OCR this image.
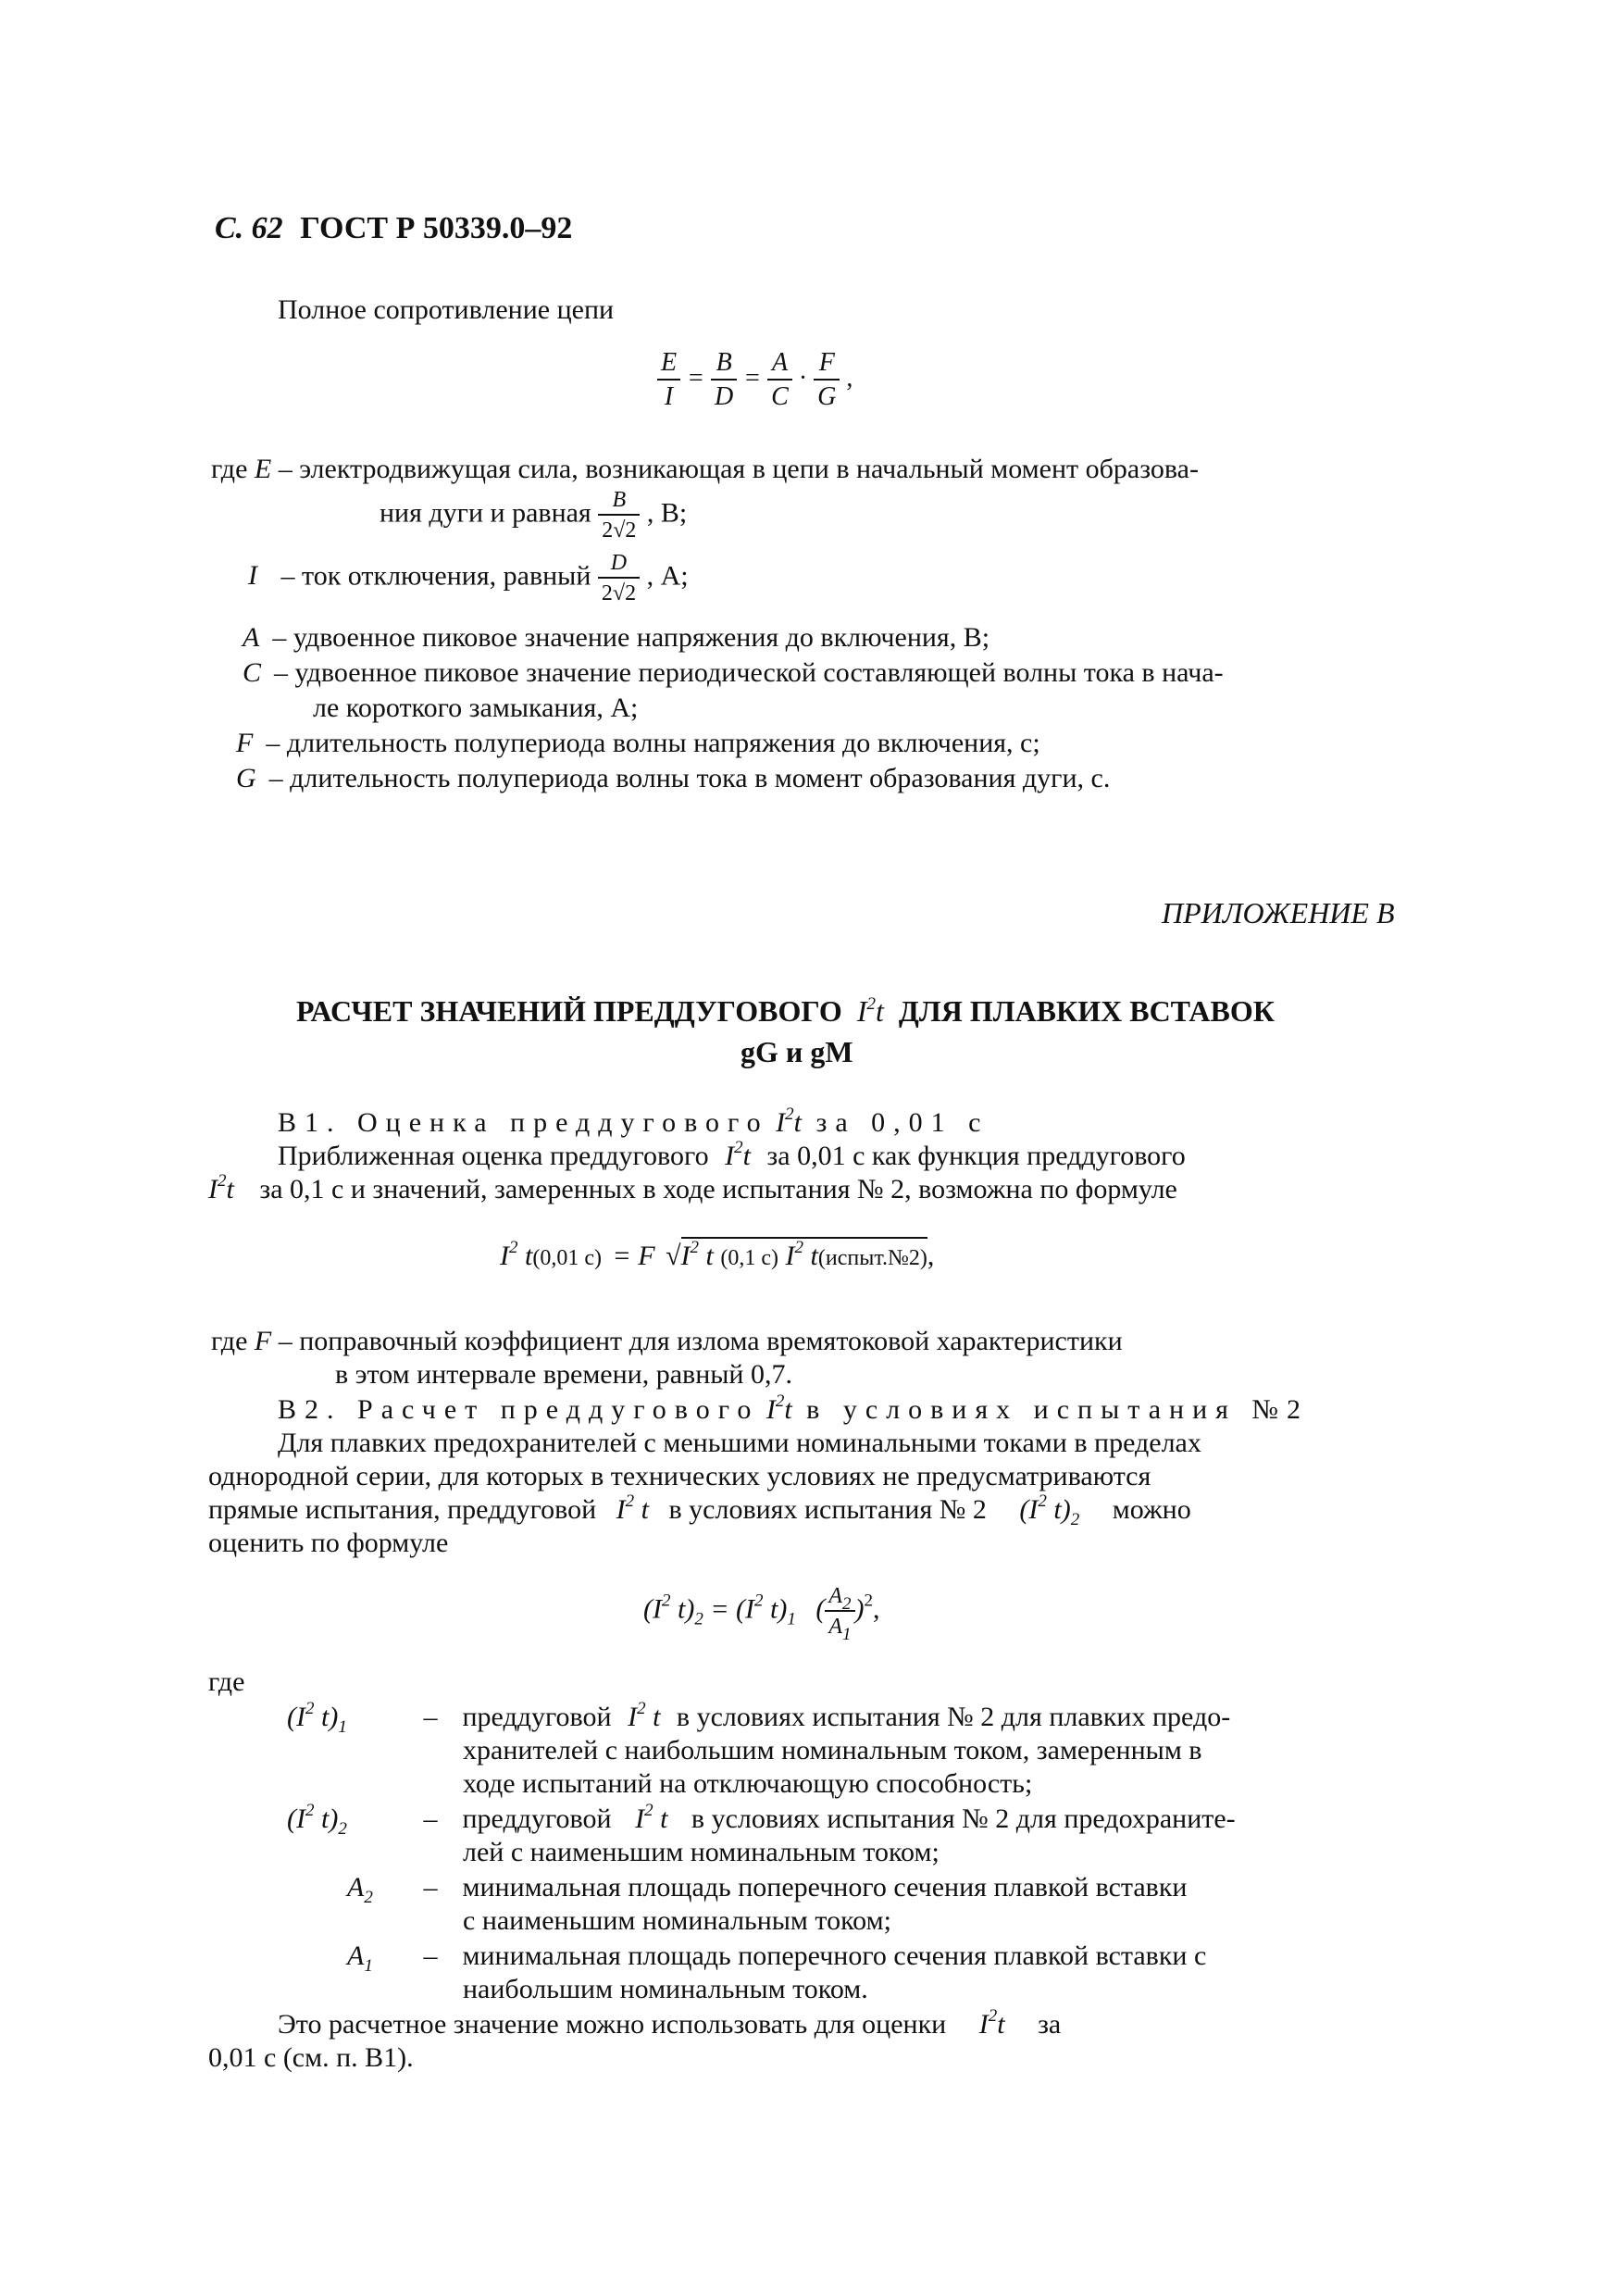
С. 62 ГОСТ Р 50339.0–92
Полное сопротивление цепи
$\frac{E}{I} = \frac{B}{D} = \frac{A}{C} \cdot \frac{F}{G}$ ,
где E – электродвижущая сила, возникающая в цепи в начальный момент образова-
ния дуги и равная $\frac{B}{2√2}$ , В;
I – ток отключения, равный $\frac{D}{2√2}$ , А;
A – удвоенное пиковое значение напряжения до включения, В;
C – удвоенное пиковое значение периодической составляющей волны тока в нача-
ле короткого замыкания, А;
F – длительность полупериода волны напряжения до включения, с;
G – длительность полупериода волны тока в момент образования дуги, с.
ПРИЛОЖЕНИЕ В
РАСЧЕТ ЗНАЧЕНИЙ ПРЕДДУГОВОГО $I^2t$ ДЛЯ ПЛАВКИХ ВСТАВОК
gG и gM
В1. Оценка преддугового $I^2t$ за 0,01 с
Приближенная оценка преддугового $I^2t$ за 0,01 с как функция преддугового
$I^2t$ за 0,1 с и значений, замеренных в ходе испытания № 2, возможна по формуле
$I^2$ t(0,01 с) = F $√I^2$ t (0,1 с) $I^2$ t(испыт.№2),
где F – поправочный коэффициент для излома времятоковой характеристики
в этом интервале времени, равный 0,7.
В2. Расчет преддугового $I^2t$ в условиях испытания №2
Для плавких предохранителей с меньшими номинальными токами в пределах
однородной серии, для которых в технических условиях не предусматриваются
прямые испытания, преддуговой $I^2$ t в условиях испытания № 2 ($I^2$ $t)_2$ можно
оценить по формуле
($I^2$ $t)_2 = (I^2$ $t)_1$ ( $\frac{A_2}{A_1} )^2$,
где
($I^2$ $t)_1$	– преддуговой $I^2$ t в условиях испытания № 2 для плавких предо-
хранителей с наибольшим номинальным током, замеренным в
ходе испытаний на отключающую способность;
($I^2$ $t)_2$	– преддуговой $I^2$ t в условиях испытания № 2 для предохраните-
лей с наименьшим номинальным током;
$A_2$ – минимальная площадь поперечного сечения плавкой вставки
с наименьшим номинальным током;
$A_1$ – минимальная площадь поперечного сечения плавкой вставки с
наибольшим номинальным током.
Это расчетное значение можно использовать для оценки $I^2t$ за
0,01 с (см. п. В1).
